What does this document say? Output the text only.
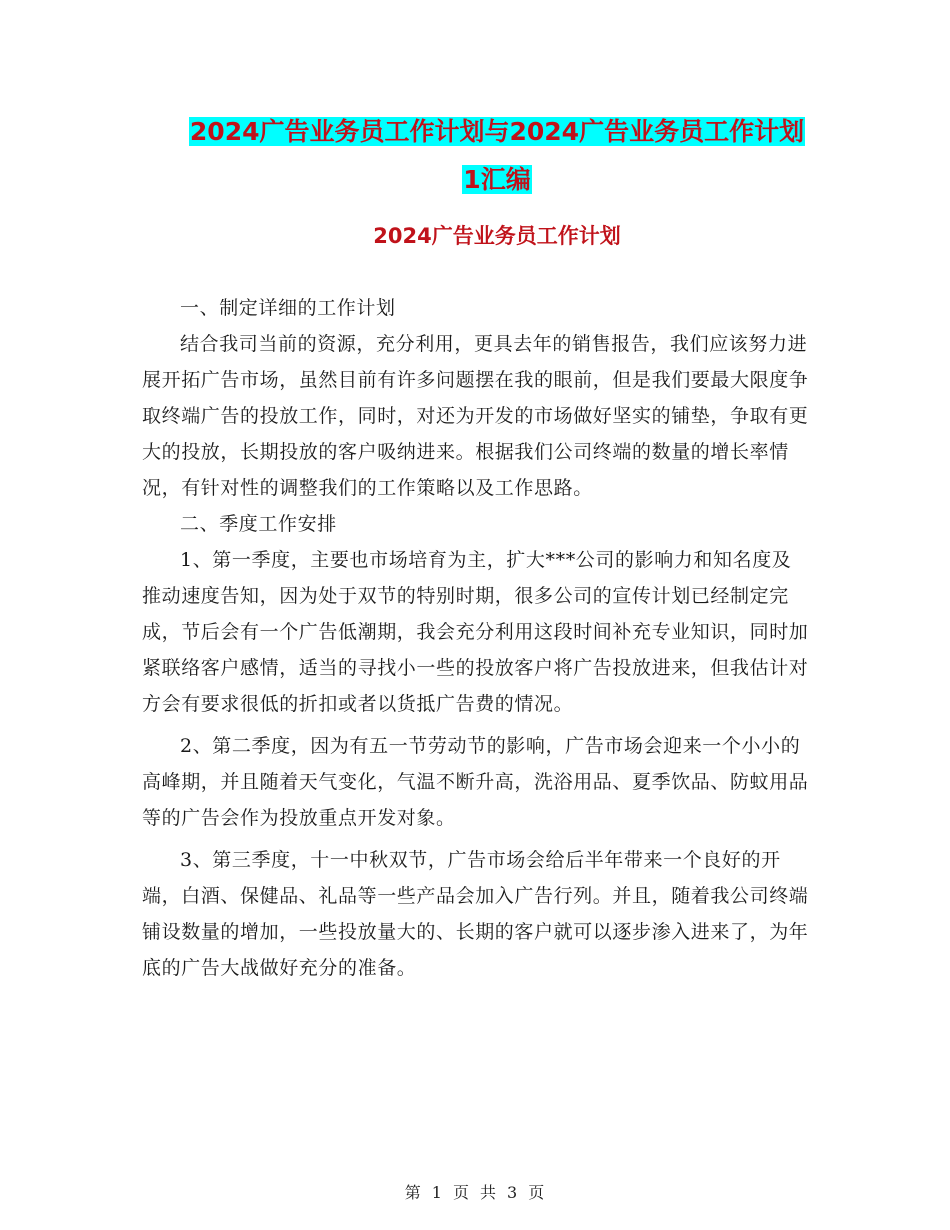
2024广告业务员工作计划与2024广告业务员工作计划
1汇编
2024广告业务员工作计划

一、制定详细的工作计划

结合我司当前的资源，充分利用，更具去年的销售报告，我们应该努力进展开拓广告市场，虽然目前有许多问题摆在我的眼前，但是我们要最大限度争取终端广告的投放工作，同时，对还为开发的市场做好坚实的铺垫，争取有更大的投放，长期投放的客户吸纳进来。根据我们公司终端的数量的增长率情况，有针对性的调整我们的工作策略以及工作思路。

二、季度工作安排

1、第一季度，主要也市场培育为主，扩大***公司的影响力和知名度及推动速度告知，因为处于双节的特别时期，很多公司的宣传计划已经制定完成，节后会有一个广告低潮期，我会充分利用这段时间补充专业知识，同时加紧联络客户感情，适当的寻找小一些的投放客户将广告投放进来，但我估计对方会有要求很低的折扣或者以货抵广告费的情况。

2、第二季度，因为有五一节劳动节的影响，广告市场会迎来一个小小的高峰期，并且随着天气变化，气温不断升高，洗浴用品、夏季饮品、防蚊用品等的广告会作为投放重点开发对象。

3、第三季度，十一中秋双节，广告市场会给后半年带来一个良好的开端，白酒、保健品、礼品等一些产品会加入广告行列。并且，随着我公司终端铺设数量的增加，一些投放量大的、长期的客户就可以逐步渗入进来了，为年底的广告大战做好充分的准备。

第 1 页 共 3 页
